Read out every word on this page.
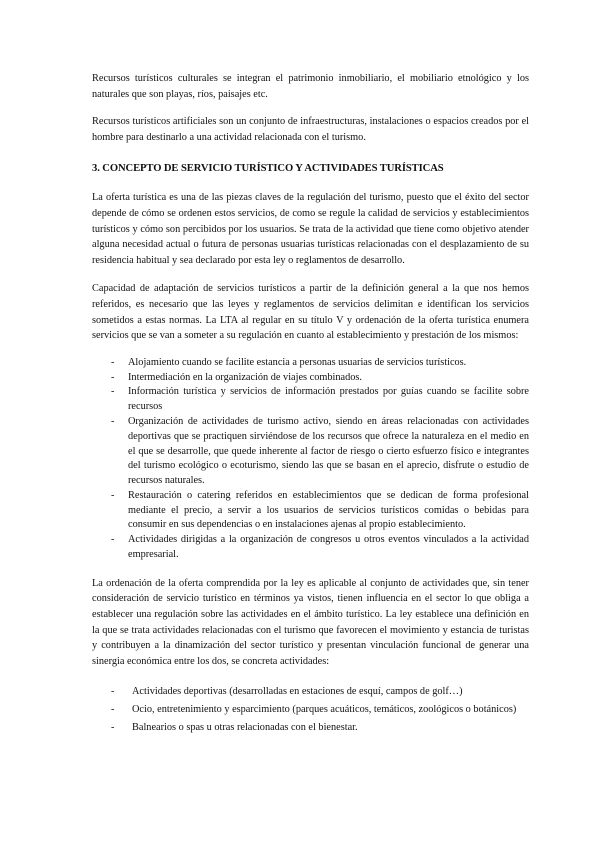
Recursos turísticos culturales se integran el patrimonio inmobiliario, el mobiliario etnológico y los naturales que son playas, ríos, paisajes etc.

Recursos turísticos artificiales son un conjunto de infraestructuras, instalaciones o espacios creados por el hombre para destinarlo a una actividad relacionada con el turismo.

3. CONCEPTO DE SERVICIO TURÍSTICO Y ACTIVIDADES TURÍSTICAS

La oferta turística es una de las piezas claves de la regulación del turismo, puesto que el éxito del sector depende de cómo se ordenen estos servicios, de como se regule la calidad de servicios y establecimientos turísticos y cómo son percibidos por los usuarios. Se trata de la actividad que tiene como objetivo atender alguna necesidad actual o futura de personas usuarias turísticas relacionadas con el desplazamiento de su residencia habitual y sea declarado por esta ley o reglamentos de desarrollo.

Capacidad de adaptación de servicios turísticos a partir de la definición general a la que nos hemos referidos, es necesario que las leyes y reglamentos de servicios delimitan e identifican los servicios sometidos a estas normas. La LTA al regular en su título V y ordenación de la oferta turística enumera servicios que se van a someter a su regulación en cuanto al establecimiento y prestación de los mismos:

- Alojamiento cuando se facilite estancia a personas usuarias de servicios turísticos.
- Intermediación en la organización de viajes combinados.
- Información turística y servicios de información prestados por guías cuando se facilite sobre recursos
- Organización de actividades de turismo activo, siendo en áreas relacionadas con actividades deportivas que se practiquen sirviéndose de los recursos que ofrece la naturaleza en el medio en el que se desarrolle, que quede inherente al factor de riesgo o cierto esfuerzo físico e integrantes del turismo ecológico o ecoturismo, siendo las que se basan en el aprecio, disfrute o estudio de recursos naturales.
- Restauración o catering referidos en establecimientos que se dedican de forma profesional mediante el precio, a servir a los usuarios de servicios turísticos comidas o bebidas para consumir en sus dependencias o en instalaciones ajenas al propio establecimiento.
- Actividades dirigidas a la organización de congresos u otros eventos vinculados a la actividad empresarial.

La ordenación de la oferta comprendida por la ley es aplicable al conjunto de actividades que, sin tener consideración de servicio turístico en términos ya vistos, tienen influencia en el sector lo que obliga a establecer una regulación sobre las actividades en el ámbito turístico. La ley establece una definición en la que se trata actividades relacionadas con el turismo que favorecen el movimiento y estancia de turistas y contribuyen a la dinamización del sector turístico y presentan vinculación funcional de generar una sinergia económica entre los dos, se concreta actividades:

- Actividades deportivas (desarrolladas en estaciones de esquí, campos de golf…)
- Ocio, entretenimiento y esparcimiento (parques acuáticos, temáticos, zoológicos o botánicos)
- Balnearios o spas u otras relacionadas con el bienestar.
